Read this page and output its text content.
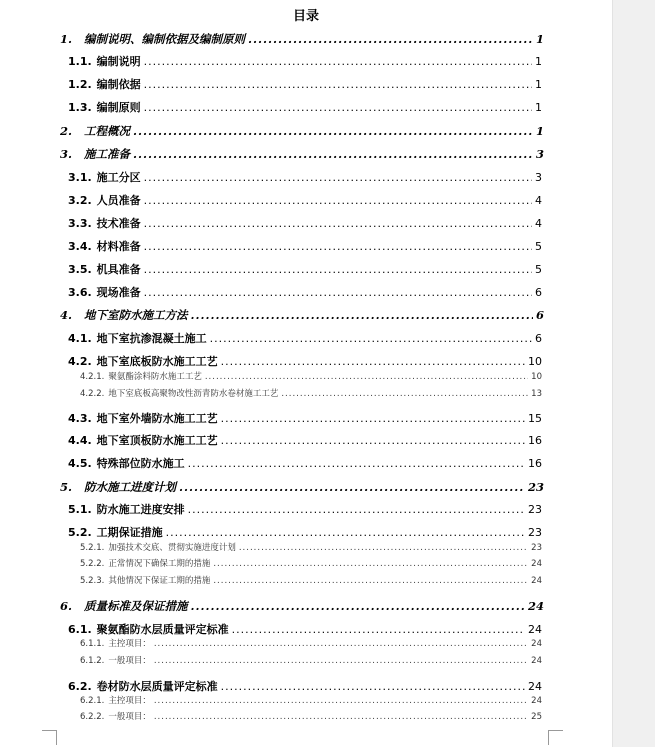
目录
1. 编制说明、编制依据及编制原则 .....	1
1.1. 编制说明 .....	1
1.2. 编制依据 .....	1
1.3. 编制原则 .....	1
2. 工程概况 .....	1
3. 施工准备 .....	3
3.1. 施工分区 .....	3
3.2. 人员准备 .....	4
3.3. 技术准备 .....	4
3.4. 材料准备 .....	5
3.5. 机具准备 .....	5
3.6. 现场准备 .....	6
4. 地下室防水施工方法 .....	6
4.1. 地下室抗渗混凝土施工 .....	6
4.2. 地下室底板防水施工工艺 .....	10
4.2.1. 聚氨酯涂料防水施工工艺 .....	10
4.2.2. 地下室底板高聚物改性沥青防水卷材施工工艺 .....	13
4.3. 地下室外墙防水施工工艺 .....	15
4.4. 地下室顶板防水施工工艺 .....	16
4.5. 特殊部位防水施工 .....	16
5. 防水施工进度计划 .....	23
5.1. 防水施工进度安排 .....	23
5.2. 工期保证措施 .....	23
5.2.1. 加强技术交底、贯彻实施进度计划 .....	23
5.2.2. 正常情况下确保工期的措施 .....	24
5.2.3. 其他情况下保证工期的措施 .....	24
6. 质量标准及保证措施 .....	24
6.1. 聚氨酯防水层质量评定标准 .....	24
6.1.1. 主控项目： .....	24
6.1.2. 一般项目： .....	24
6.2. 卷材防水层质量评定标准 .....	24
6.2.1. 主控项目： .....	24
6.2.2. 一般项目： .....	25
